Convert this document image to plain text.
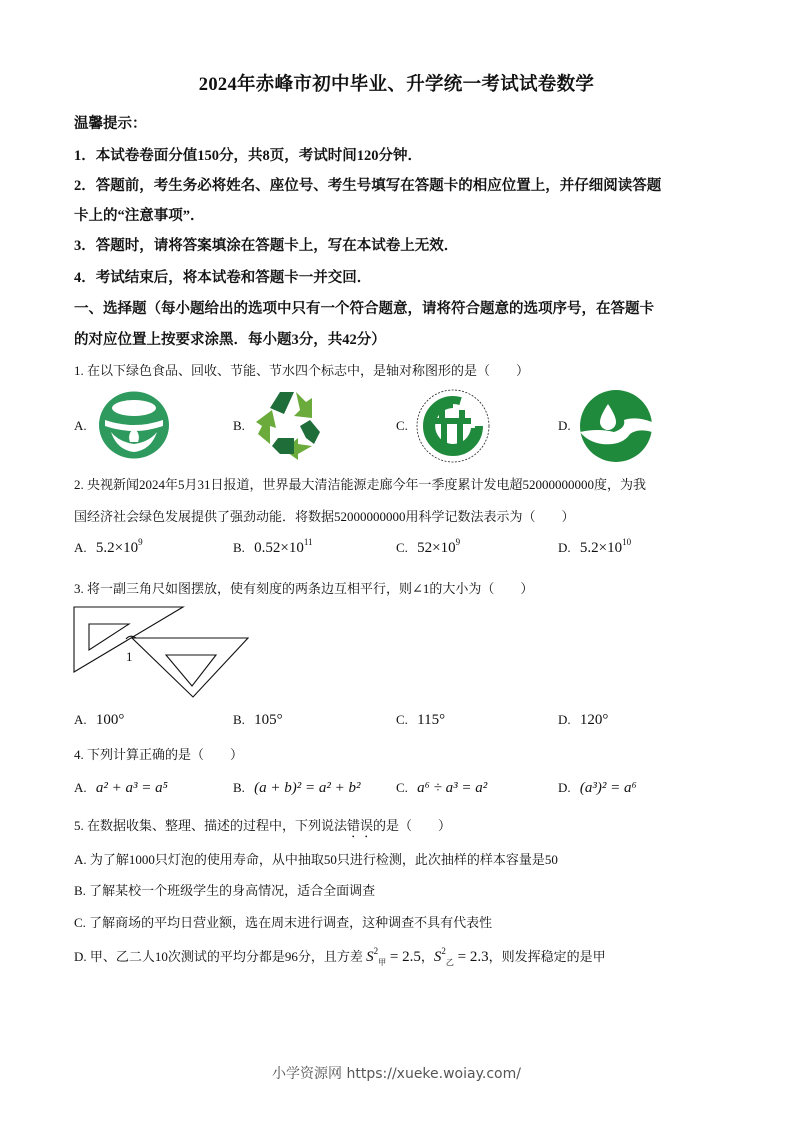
2024年赤峰市初中毕业、升学统一考试试卷数学
温馨提示：
1．本试卷卷面分值150分，共8页，考试时间120分钟．
2．答题前，考生务必将姓名、座位号、考生号填写在答题卡的相应位置上，并仔细阅读答题
卡上的“注意事项”．
3．答题时，请将答案填涂在答题卡上，写在本试卷上无效．
4．考试结束后，将本试卷和答题卡一并交回．
一、选择题（每小题给出的选项中只有一个符合题意，请将符合题意的选项序号，在答题卡
的对应位置上按要求涂黑．每小题3分，共42分）
1. 在以下绿色食品、回收、节能、节水四个标志中，是轴对称图形的是（　　）
A.	B.	C.	D.
2. 央视新闻2024年5月31日报道，世界最大清洁能源走廊今年一季度累计发电超52000000000度，为我
国经济社会绿色发展提供了强劲动能．将数据52000000000用科学记数法表示为（　　）
A. $5.2\times 10^9$	B. $0.52\times 10^{11}$	C. $52\times 10^9$	D. $5.2\times 10^{10}$
3. 将一副三角尺如图摆放，使有刻度的两条边互相平行，则∠1的大小为（　　）
1
A. 100°	B. 105°	C. 115°	D. 120°
4. 下列计算正确的是（　　）
A. a² + a³ = a⁵	B. (a + b)² = a² + b²	C. a⁶ ÷ a³ = a²	D. (a³)² = a⁶
5. 在数据收集、整理、描述的过程中，下列说法错误的是（　　）
A. 为了解1000只灯泡的使用寿命，从中抽取50只进行检测，此次抽样的样本容量是50
B. 了解某校一个班级学生的身高情况，适合全面调查
C. 了解商场的平均日营业额，选在周末进行调查，这种调查不具有代表性
D. 甲、乙二人10次测试的平均分都是96分，且方差 $S^2_甲 = 2.5$，$S^2_乙 = 2.3$，则发挥稳定的是甲
小学资源网 https://xueke.woiay.com/
